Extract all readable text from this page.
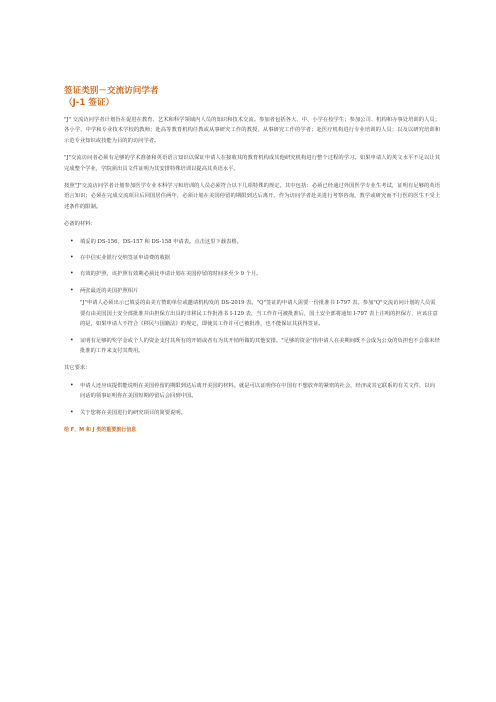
签证类别－交流访问学者
（J-1 签证）

"J" 交流访问学者计划旨在促进在教育、艺术和科学领域内人员的知识和技术交流。参加者包括各大、中、小学在校学生；参加公司、机构和办事处培训的人员；各小学、中学和专业技术学校的教师；赴高等教育机构任教或从事研究工作的教授，从事研究工作的学者；赴医疗机构进行专业培训的人员；以及以研究培训和示范专业知识或技能为目的的访问学者。

"J"交流访问者必须有足够的学术准备和英语语言知识以保证申请人在接收其的教育机构成其他研究机构进行整个过程的学习。如果申请人的英文水平不足以让其完成整个学业，学院须出具文件证明为其安排特殊培训以提高其英语水平。

按照"J"交流访问学者计划参加医学专业本科学习和培训的人员必须符合以下几项特殊的规定。其中包括：必须已经通过外国医学专业生考试，证明有足够的英语语言知识；必须在完成交流项目后回国居住两年，必须计划在美国停留的期限到达后离开。作为访问学者赴美进行考察咨询，教学或研究而不行医的医生不受上述条件的限制。

必备的材料：

• 填妥的 DS-156、DS-157 和 DS-158 申请表。点击这里下载表格。
• 在中信实业银行交纳签证申请费的收据
• 有效的护照，该护照有效期必须比申请计划在美国停留的时间多至少 9 个月。
• 两张最近的美国护照相片
"J"申请人必须出示已填妥的由美方赞助单位或邀请机构发的 DS-2019 表。"Q"签证的申请人需要一份批准书 I-797 表。参加"Q"交流访问计划的人员需要有由美国国土安全部批准并由担保方出具的非移民工作批准书 I-129 表，当工作许可被批准后，国土安全部将通知 I-797 表上注明的担保方，应该注意的是，如果申请人不符合《移民与国籍法》的规定，即使其工作许可已被批准，也不能保证其获得签证。
• 证明有足够的奖学金或个人的资金支付其所有的开销或者有为其开销所做的其他安排。"足够的资金"指申请人在美期间既不会成为公众的负担也不会靠未经批准的工作来支付其费用。

其它要求：

• 申请人还应该提供能说明在美国停留的期限到达后离开美国的材料。就是可以证明你在中国有不想放弃的紧密的社会，经济或其它联系的有关文件，以向问话的领事证明你在美国短期停留后会回到中国。
• 关于您将在美国进行的研究项目的简要说明。
给 F、M 和 J 类的重要旅行信息
